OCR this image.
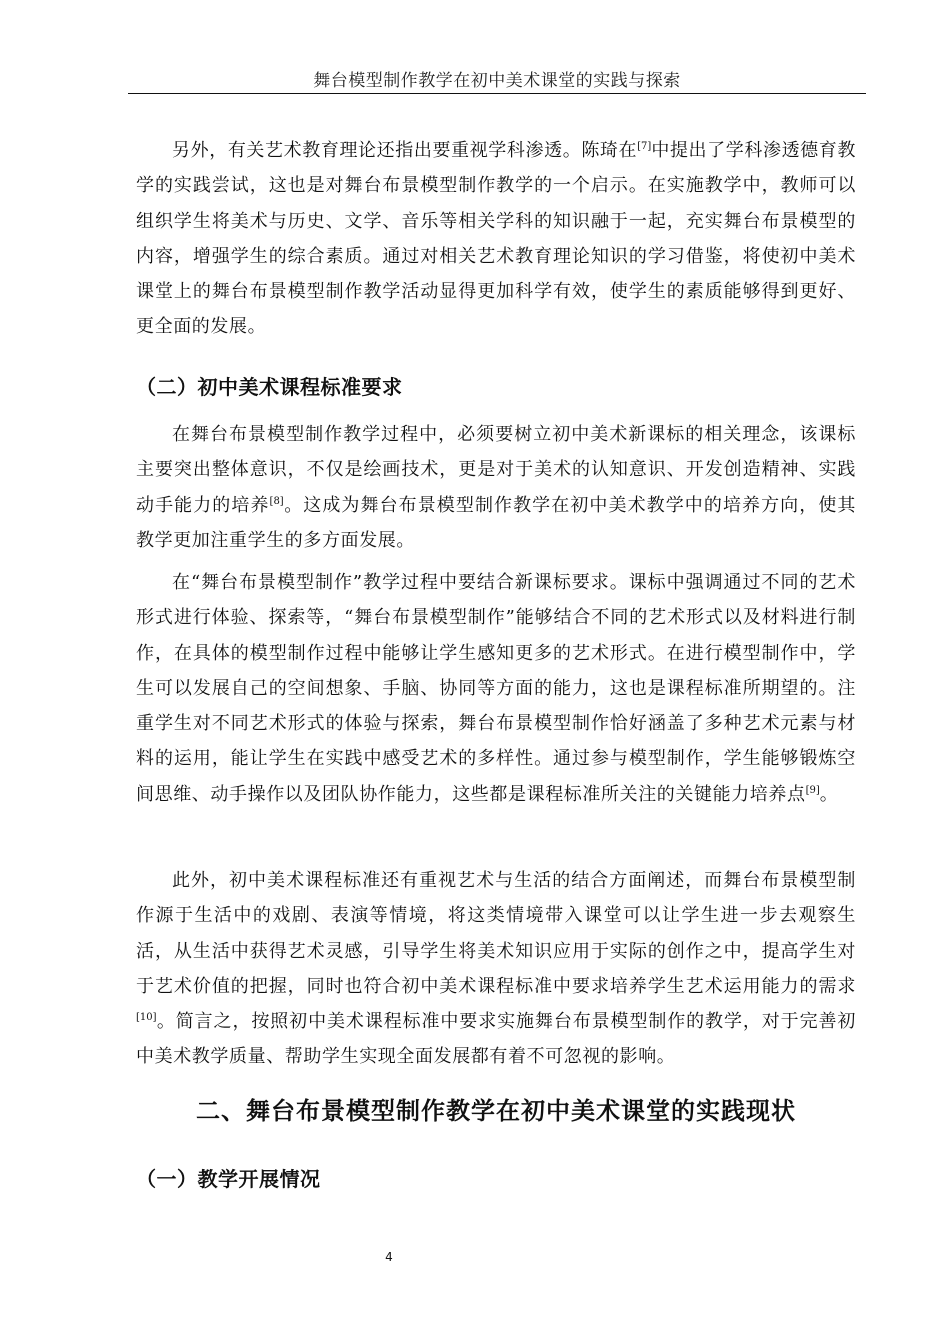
舞台模型制作教学在初中美术课堂的实践与探索

另外，有关艺术教育理论还指出要重视学科渗透。陈琦在[7]中提出了学科渗透德育教学的实践尝试，这也是对舞台布景模型制作教学的一个启示。在实施教学中，教师可以组织学生将美术与历史、文学、音乐等相关学科的知识融于一起，充实舞台布景模型的内容，增强学生的综合素质。通过对相关艺术教育理论知识的学习借鉴，将使初中美术课堂上的舞台布景模型制作教学活动显得更加科学有效，使学生的素质能够得到更好、更全面的发展。

（二）初中美术课程标准要求

在舞台布景模型制作教学过程中，必须要树立初中美术新课标的相关理念，该课标主要突出整体意识，不仅是绘画技术，更是对于美术的认知意识、开发创造精神、实践动手能力的培养[8]。这成为舞台布景模型制作教学在初中美术教学中的培养方向，使其教学更加注重学生的多方面发展。

在“舞台布景模型制作”教学过程中要结合新课标要求。课标中强调通过不同的艺术形式进行体验、探索等，“舞台布景模型制作”能够结合不同的艺术形式以及材料进行制作，在具体的模型制作过程中能够让学生感知更多的艺术形式。在进行模型制作中，学生可以发展自己的空间想象、手脑、协同等方面的能力，这也是课程标准所期望的。注重学生对不同艺术形式的体验与探索，舞台布景模型制作恰好涵盖了多种艺术元素与材料的运用，能让学生在实践中感受艺术的多样性。通过参与模型制作，学生能够锻炼空间思维、动手操作以及团队协作能力，这些都是课程标准所关注的关键能力培养点[9]。

此外，初中美术课程标准还有重视艺术与生活的结合方面阐述，而舞台布景模型制作源于生活中的戏剧、表演等情境，将这类情境带入课堂可以让学生进一步去观察生活，从生活中获得艺术灵感，引导学生将美术知识应用于实际的创作之中，提高学生对于艺术价值的把握，同时也符合初中美术课程标准中要求培养学生艺术运用能力的需求[10]。简言之，按照初中美术课程标准中要求实施舞台布景模型制作的教学，对于完善初中美术教学质量、帮助学生实现全面发展都有着不可忽视的影响。

二、舞台布景模型制作教学在初中美术课堂的实践现状
（一）教学开展情况
4
